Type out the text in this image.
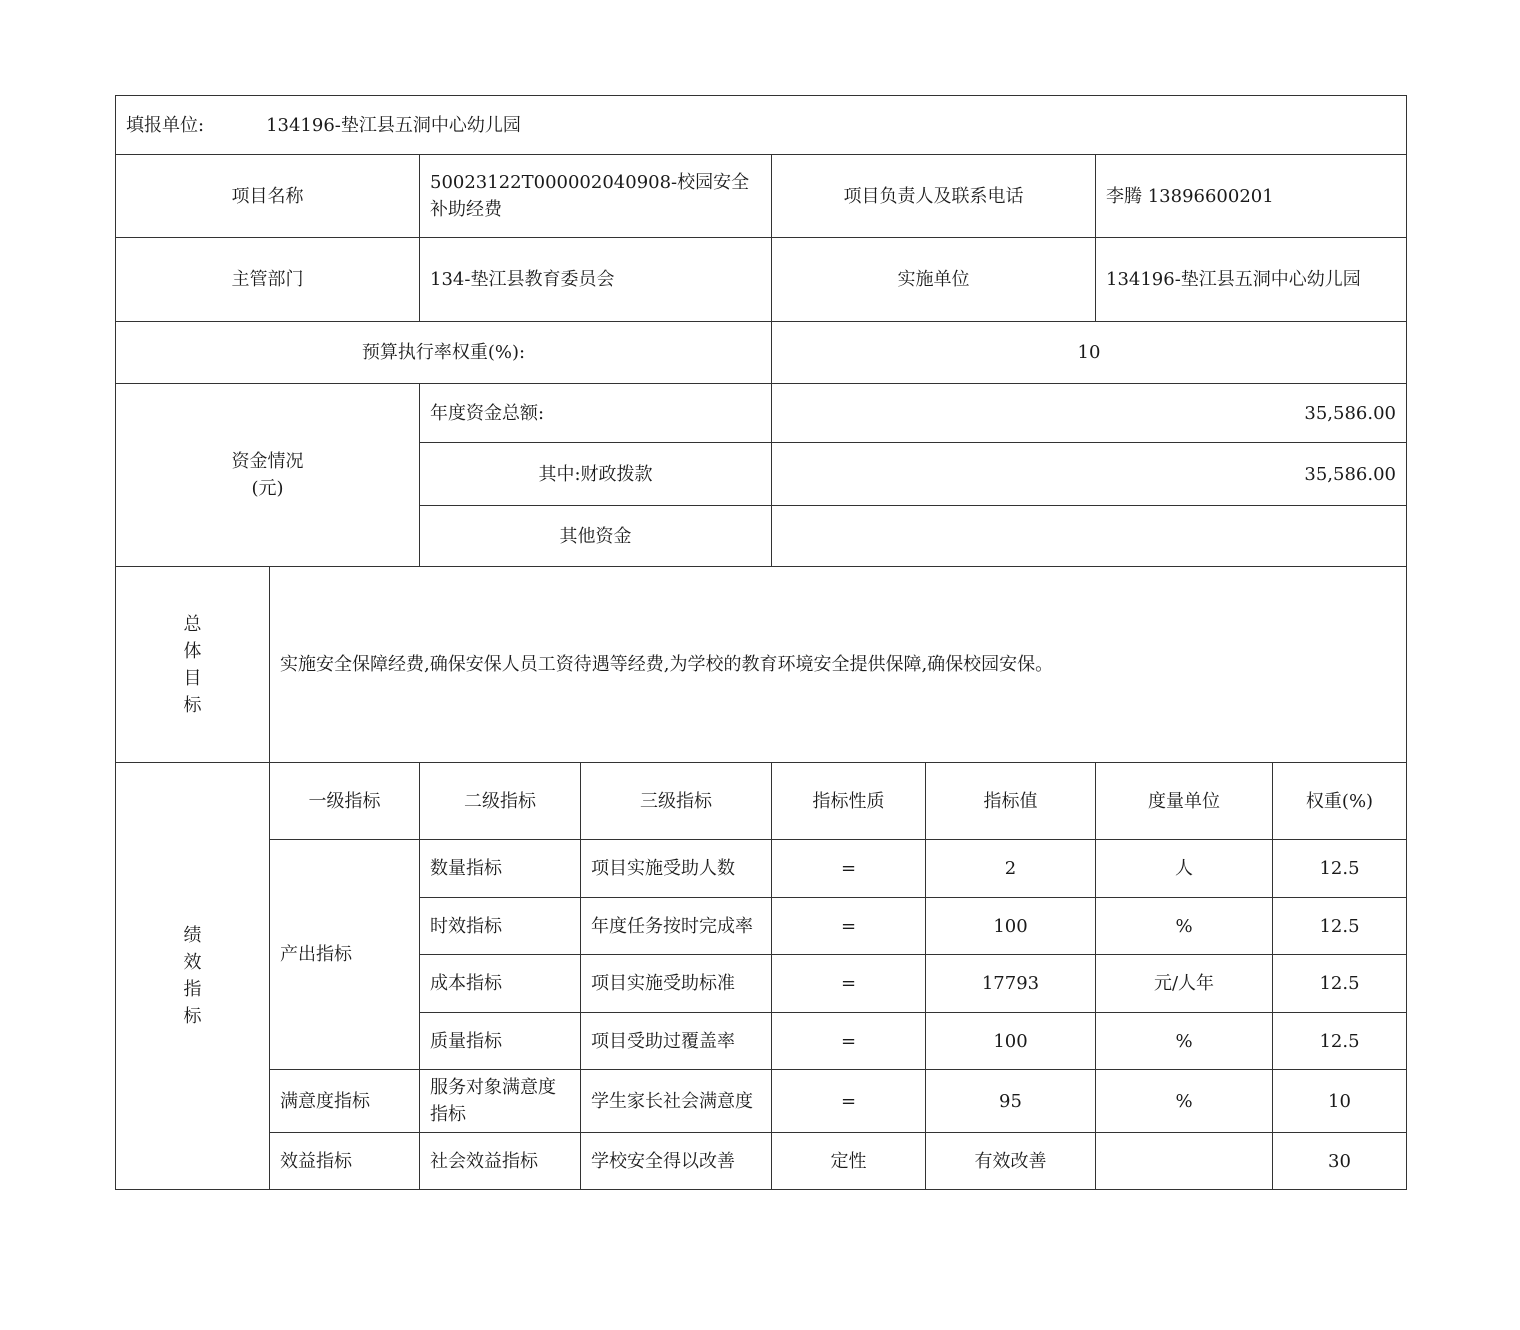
填报单位: 134196-垫江县五洞中心幼儿园							
项目名称		50023122T000002040908-校园安全补助经费		项目负责人及联系电话		李腾 13896600201	
主管部门		134-垫江县教育委员会		实施单位		134196-垫江县五洞中心幼儿园	
预算执行率权重(%):				10			
资金情况
(元)		年度资金总额:		35,586.00			
		其中:财政拨款		35,586.00			
		其他资金					

总
体
目
标	实施安全保障经费,确保安保人员工资待遇等经费,为学校的教育环境安全提供保障,确保校园安保。						

绩
效
指
标	一级指标	二级指标	三级指标	指标性质	指标值	度量单位	权重(%)
	产出指标	数量指标	项目实施受助人数	=	2	人	12.5
		时效指标	年度任务按时完成率	=	100	%	12.5
		成本指标	项目实施受助标准	=	17793	元/人年	12.5
		质量指标	项目受助过覆盖率	=	100	%	12.5
	满意度指标	服务对象满意度指标	学生家长社会满意度	=	95	%	10
	效益指标	社会效益指标	学校安全得以改善	定性	有效改善		30
